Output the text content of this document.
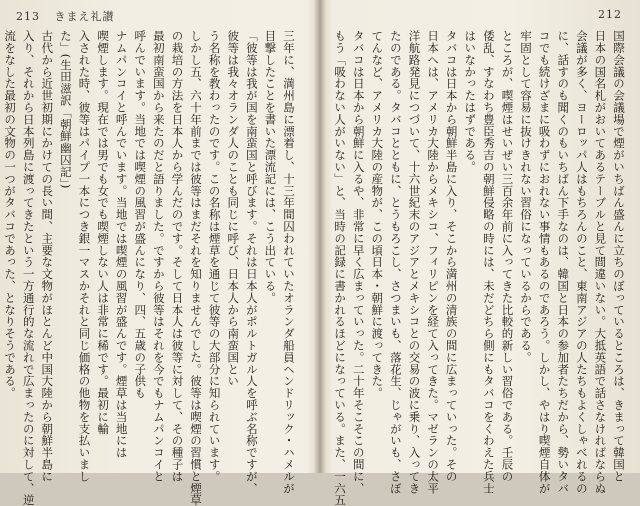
213 きまえ礼讃

三年に、満州島に漂着し、十三年間囚われていたオランダ船員ヘンドリック・ハメルが

目撃したことを書いた漂流記には、こう出ている。

「彼等は我が国を南蛮国と呼びます。それは日本人がポルトガル人を呼ぶ名称ですが、

彼等は我々オランダ人のことも同じに呼び、日本人から南蛮国とい

う名称を教わったのです。この名称は煙草を通じて彼等の大部分に知られています。

しかし五、六十年前までは彼等はまだそれを知りませんでした。彼等は喫煙の習慣と煙草

の栽培の方法を日本人から学んだのです。そして日本人は彼等に対して、その種子は

最初南蛮国から来たのだと語りました。ですから彼等はそれを今でもナムパンコイと

呼んでいます。当地では喫煙の風習が盛んになり、四、五歳の子供も

ナムパンコイと呼んでいます。当地では喫煙の風習が盛んです。煙草は当地には

喫煙します。現在では男でも女でも喫煙しない人は非常に稀です。最初に輸

入された時、彼等はパイプ一本につき銀一マスかそれと同じ価格の他物を支払いまし

た」(生田滋訳「朝鮮幽囚記」)

古代から近世初期にかけての長い間、主要な文物がほとんど中国大陸から朝鮮半島に

入り、それから日本列島に渡ってきたという一方通行的な流れで広まったのに対して、逆

流をなした最初の文物の一つがタバコであった、となりそうである。

212

国際会議の会議場で煙がいちばん盛んに立ちのぼっているところは、きまって韓国と

日本の国名札がおいてあるテーブルと見て間違いない。大抵英語で話さなければならぬ

会議が多く、ヨーロッパ人はもちろんのこと、東南アジアの人たちもよくしゃべれるの

に、話すのも聞くのもいちばん下手なのは、韓国と日本の参加者たちだから、勢いタバ

コでも続けざまに吸わずにおれない事情もあるのであろう。しかし、やはり喫煙自体が

牢固として容易に抜けきれない習俗になっているからである。

ところが、喫煙はせいぜい三百余年前に入ってきた比較的新しい習俗である。壬辰の

倭乱、すなわち豊臣秀吉の朝鮮侵略の時には、未だどちら側にもタバコをくわえた兵士

はいなかったはずである。

タバコは日本から朝鮮半島に入り、そこから満州の清族の間に広まっていった。その

日本へは、アメリカ大陸からメキシコ、フィリピンを経て入ってきた。マゼランの太平

洋航路発見につづいて、十六世紀末のアジアとメキシコとの交易の波に乗り、入ってき

たのである。タバコとともに、とうもろこし、さつまいも、落花生、じゃがいも、さぼ

てんなど、アメリカ大陸の産物が、この頃日本・朝鮮に渡ってきた。

タバコは日本から朝鮮に入るや、非常に早く広まっていった。二十年そこそこの間に、

もう「吸わない人がいない」と、当時の記録に書かれるほどになっている。また、一六五
